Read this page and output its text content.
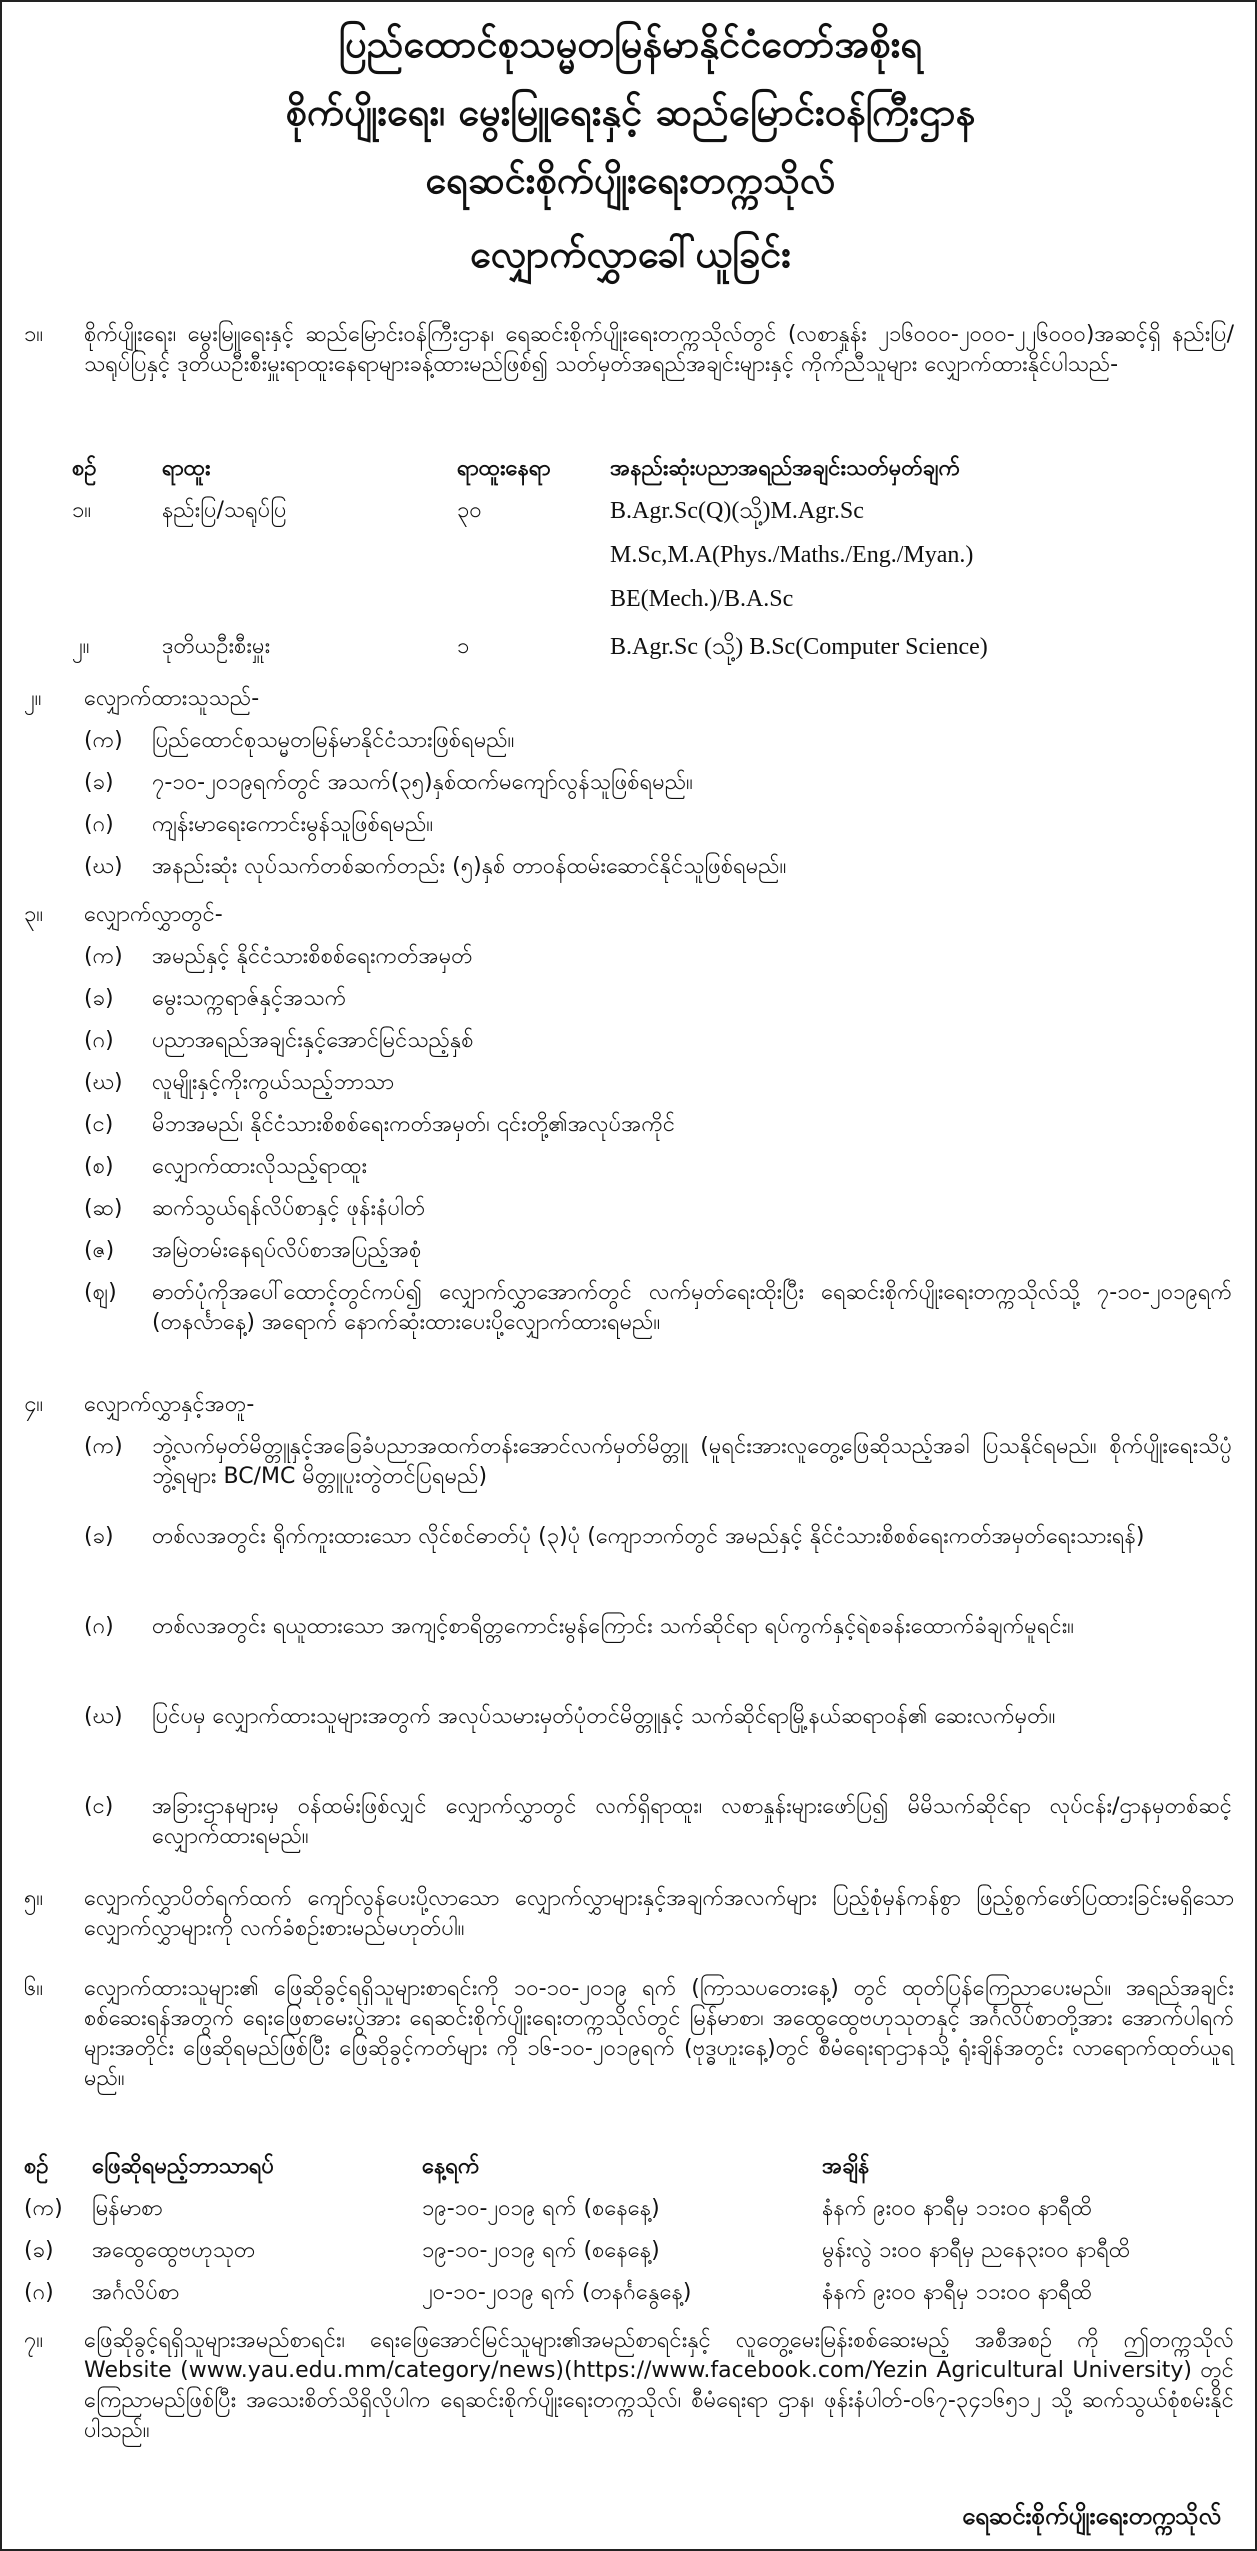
ပြည်ထောင်စုသမ္မတမြန်မာနိုင်ငံတော်အစိုးရ
စိုက်ပျိုးရေး၊ မွေးမြူရေးနှင့် ဆည်မြောင်းဝန်ကြီးဌာန
ရေဆင်းစိုက်ပျိုးရေးတက္ကသိုလ်
လျှောက်လွှာခေါ်ယူခြင်း
၁။ စိုက်ပျိုးရေး၊ မွေးမြူရေးနှင့် ဆည်မြောင်းဝန်ကြီးဌာန၊ ရေဆင်းစိုက်ပျိုးရေးတက္ကသိုလ်တွင် (လစာနှုန်း ၂၁၆၀၀၀-၂၀၀၀-၂၂၆၀၀၀)အဆင့်ရှိ နည်းပြ/သရုပ်ပြနှင့် ဒုတိယဦးစီးမှူးရာထူးနေရာများခန့်ထားမည်ဖြစ်၍ သတ်မှတ်အရည်အချင်းများနှင့် ကိုက်ညီသူများ လျှောက်ထားနိုင်ပါသည်-
စဉ်	ရာထူး	ရာထူးနေရာ	အနည်းဆုံးပညာအရည်အချင်းသတ်မှတ်ချက်
၁။	နည်းပြ/သရုပ်ပြ	၃၀	B.Agr.Sc(Q)(သို့)M.Agr.Sc
M.Sc,M.A(Phys./Maths./Eng./Myan.)
BE(Mech.)/B.A.Sc
၂။	ဒုတိယဦးစီးမှူး	၁	B.Agr.Sc (သို့) B.Sc(Computer Science)
၂။ လျှောက်ထားသူသည်-
(က) ပြည်ထောင်စုသမ္မတမြန်မာနိုင်ငံသားဖြစ်ရမည်။
(ခ) ၇-၁၀-၂၀၁၉ရက်တွင် အသက်(၃၅)နှစ်ထက်မကျော်လွန်သူဖြစ်ရမည်။
(ဂ) ကျန်းမာရေးကောင်းမွန်သူဖြစ်ရမည်။
(ဃ) အနည်းဆုံး လုပ်သက်တစ်ဆက်တည်း (၅)နှစ် တာဝန်ထမ်းဆောင်နိုင်သူဖြစ်ရမည်။
၃။ လျှောက်လွှာတွင်-
(က) အမည်နှင့် နိုင်ငံသားစိစစ်ရေးကတ်အမှတ်
(ခ) မွေးသက္ကရာဇ်နှင့်အသက်
(ဂ) ပညာအရည်အချင်းနှင့်အောင်မြင်သည့်နှစ်
(ဃ) လူမျိုးနှင့်ကိုးကွယ်သည့်ဘာသာ
(င) မိဘအမည်၊ နိုင်ငံသားစိစစ်ရေးကတ်အမှတ်၊ ၎င်းတို့၏အလုပ်အကိုင်
(စ) လျှောက်ထားလိုသည့်ရာထူး
(ဆ) ဆက်သွယ်ရန်လိပ်စာနှင့် ဖုန်းနံပါတ်
(ဇ) အမြဲတမ်းနေရပ်လိပ်စာအပြည့်အစုံ
(ဈ) ဓာတ်ပုံကိုအပေါ်ထောင့်တွင်ကပ်၍ လျှောက်လွှာအောက်တွင် လက်မှတ်ရေးထိုးပြီး ရေဆင်းစိုက်ပျိုးရေးတက္ကသိုလ်သို့ ၇-၁၀-၂၀၁၉ရက် (တနင်္လာနေ့) အရောက် နောက်ဆုံးထားပေးပို့လျှောက်ထားရမည်။
၄။ လျှောက်လွှာနှင့်အတူ-
(က) ဘွဲ့လက်မှတ်မိတ္တူနှင့်အခြေခံပညာအထက်တန်းအောင်လက်မှတ်မိတ္တူ (မူရင်းအားလူတွေ့ဖြေဆိုသည့်အခါ ပြသနိုင်ရမည်။ စိုက်ပျိုးရေးသိပ္ပံဘွဲ့ရများ BC/MC မိတ္တူပူးတွဲတင်ပြရမည်)
(ခ) တစ်လအတွင်း ရိုက်ကူးထားသော လိုင်စင်ဓာတ်ပုံ (၃)ပုံ (ကျောဘက်တွင် အမည်နှင့် နိုင်ငံသားစိစစ်ရေးကတ်အမှတ်ရေးသားရန်)
(ဂ) တစ်လအတွင်း ရယူထားသော အကျင့်စာရိတ္တကောင်းမွန်ကြောင်း သက်ဆိုင်ရာ ရပ်ကွက်နှင့်ရဲစခန်းထောက်ခံချက်မူရင်း။
(ဃ) ပြင်ပမှ လျှောက်ထားသူများအတွက် အလုပ်သမားမှတ်ပုံတင်မိတ္တူနှင့် သက်ဆိုင်ရာမြို့နယ်ဆရာဝန်၏ ဆေးလက်မှတ်။
(င) အခြားဌာနများမှ ဝန်ထမ်းဖြစ်လျှင် လျှောက်လွှာတွင် လက်ရှိရာထူး၊ လစာနှုန်းများဖော်ပြ၍ မိမိသက်ဆိုင်ရာ လုပ်ငန်း/ဌာနမှတစ်ဆင့် လျှောက်ထားရမည်။
၅။ လျှောက်လွှာပိတ်ရက်ထက် ကျော်လွန်ပေးပို့လာသော လျှောက်လွှာများနှင့်အချက်အလက်များ ပြည့်စုံမှန်ကန်စွာ ဖြည့်စွက်ဖော်ပြထားခြင်းမရှိသော လျှောက်လွှာများကို လက်ခံစဉ်းစားမည်မဟုတ်ပါ။
၆။ လျှောက်ထားသူများ၏ ဖြေဆိုခွင့်ရရှိသူများစာရင်းကို ၁၀-၁၀-၂၀၁၉ ရက် (ကြာသပတေးနေ့) တွင် ထုတ်ပြန်ကြေညာပေးမည်။ အရည်အချင်းစစ်ဆေးရန်အတွက် ရေးဖြေစာမေးပွဲအား ရေဆင်းစိုက်ပျိုးရေးတက္ကသိုလ်တွင် မြန်မာစာ၊ အထွေထွေဗဟုသုတနှင့် အင်္ဂလိပ်စာတို့အား အောက်ပါရက်များအတိုင်း ဖြေဆိုရမည်ဖြစ်ပြီး ဖြေဆိုခွင့်ကတ်များ ကို ၁၆-၁၀-၂၀၁၉ရက် (ဗုဒ္ဓဟူးနေ့)တွင် စီမံရေးရာဌာနသို့ ရုံးချိန်အတွင်း လာရောက်ထုတ်ယူရမည်။
စဉ် ဖြေဆိုရမည့်ဘာသာရပ်	နေ့ရက်	အချိန်
(က) မြန်မာစာ	၁၉-၁၀-၂၀၁၉ ရက် (စနေနေ့)	နံနက် ၉း၀၀ နာရီမှ ၁၁း၀၀ နာရီထိ
(ခ) အထွေထွေဗဟုသုတ	၁၉-၁၀-၂၀၁၉ ရက် (စနေနေ့)	မွန်းလွဲ ၁း၀၀ နာရီမှ ညနေ၃း၀၀ နာရီထိ
(ဂ) အင်္ဂလိပ်စာ	၂၀-၁၀-၂၀၁၉ ရက် (တနင်္ဂနွေနေ့)	နံနက် ၉း၀၀ နာရီမှ ၁၁း၀၀ နာရီထိ
၇။ ဖြေဆိုခွင့်ရရှိသူများအမည်စာရင်း၊ ရေးဖြေအောင်မြင်သူများ၏အမည်စာရင်းနှင့် လူတွေ့မေးမြန်းစစ်ဆေးမည့် အစီအစဉ် ကို ဤတက္ကသိုလ် Website (www.yau.edu.mm/category/news)(https://www.facebook.com/Yezin Agricultural University) တွင် ကြေညာမည်ဖြစ်ပြီး အသေးစိတ်သိရှိလိုပါက ရေဆင်းစိုက်ပျိုးရေးတက္ကသိုလ်၊ စီမံရေးရာ ဌာန၊ ဖုန်းနံပါတ်-၀၆၇-၃၄၁၆၅၁၂ သို့ ဆက်သွယ်စုံစမ်းနိုင်ပါသည်။
ရေဆင်းစိုက်ပျိုးရေးတက္ကသိုလ်
